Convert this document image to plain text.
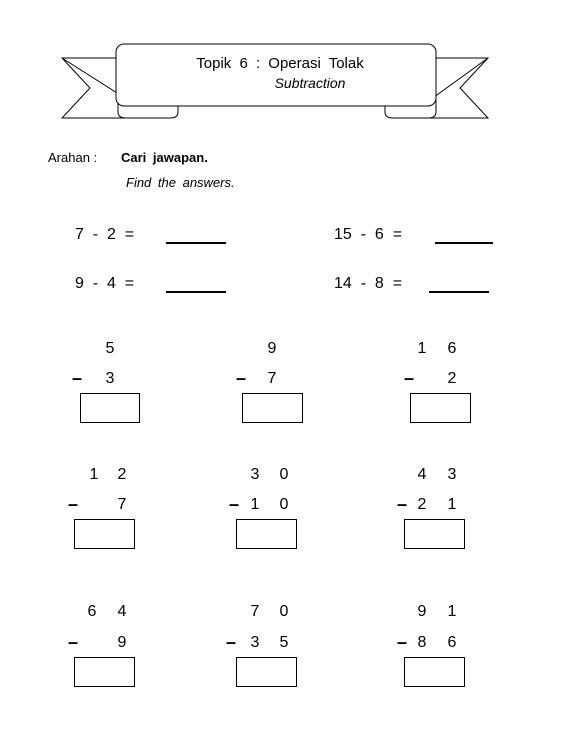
Topik 6 : Operasi Tolak
Subtraction
Arahan : Cari jawapan.
Find the answers.
7  -  2  =	15  -  6  =
9  -  4  =	14  -  8  =
5
–	3
9
–	7
1	6
–	2
1	2
–	7
3	0
– 1	0
4	3
– 2	1
6	4
–	9
7	0
– 3	5
9	1
– 8	6
